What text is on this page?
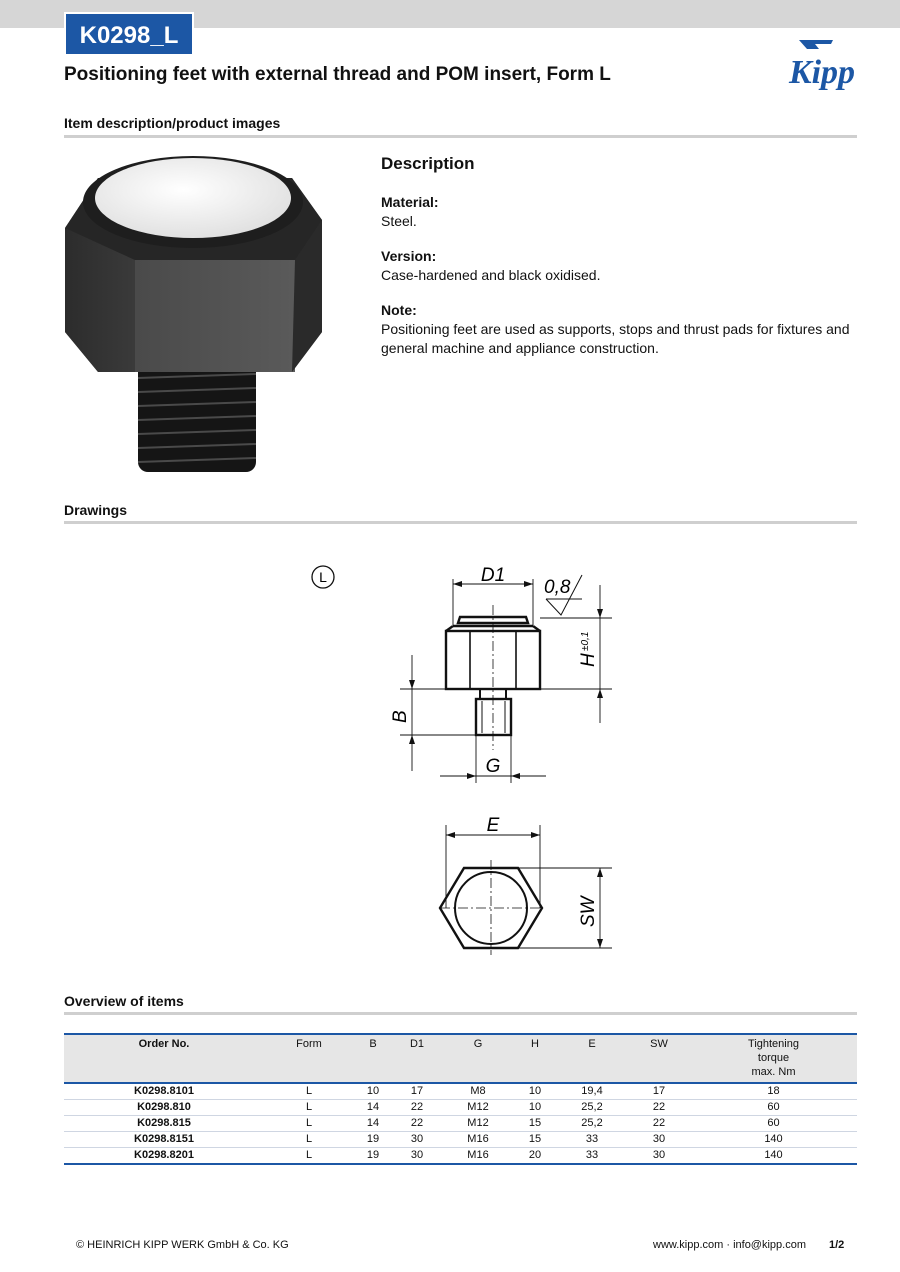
K0298_L
Positioning feet with external thread and POM insert, Form L	Kipp
Item description/product images
Description

Material:

Steel.

Version:

Case-hardened and black oxidised.

Note:

Positioning feet are used as supports, stops and thrust pads for fixtures and general machine and appliance construction.

Drawings
L	D1
0,8
H
±0,1
B
G
E
SW
Overview of items
Order No.	Form	B	D1	G	H	E	SW	Tightening
torque
max. Nm

K0298.8101	L	10	17	M8	10	19,4	17	18
K0298.810	L	14	22	M12	10	25,2	22	60
K0298.815	L	14	22	M12	15	25,2	22	60
K0298.8151	L	19	30	M16	15	33	30	140
K0298.8201	L	19	30	M16	20	33	30	140
© HEINRICH KIPP WERK GmbH & Co. KG	www.kipp.com · info@kipp.com 1/2
